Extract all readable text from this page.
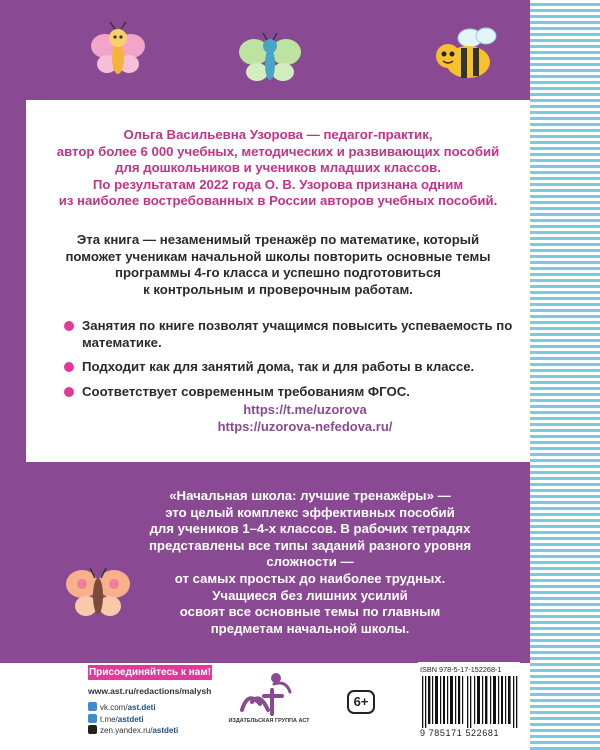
Ольга Васильевна Узорова — педагог-практик,
автор более 6 000 учебных, методических и развивающих пособий
для дошкольников и учеников младших классов.
По результатам 2022 года О. В. Узорова признана одним
из наиболее востребованных в России авторов учебных пособий.
Эта книга — незаменимый тренажёр по математике, который
поможет ученикам начальной школы повторить основные темы
программы 4-го класса и успешно подготовиться
к контрольным и проверочным работам.
Занятия по книге позволят учащимся повысить успеваемость по математике.
Подходит как для занятий дома, так и для работы в классе.
Соответствует современным требованиям ФГОС.
https://t.me/uzorova
https://uzorova-nefedova.ru/
«Начальная школа: лучшие тренажёры» —
это целый комплекс эффективных пособий
для учеников 1–4-х классов. В рабочих тетрадях
представлены все типы заданий разного уровня сложности —
от самых простых до наиболее трудных.
Учащиеся без лишних усилий
освоят все основные темы по главным
предметам начальной школы.
Присоединяйтесь к нам!
www.ast.ru/redactions/malysh
vk.com/ast.deti
t.me/astdeti
zen.yandex.ru/astdeti
ИЗДАТЕЛЬСКАЯ ГРУППА АСТ
6+
ISBN 978-5-17-152268-1
9 785171 522681
